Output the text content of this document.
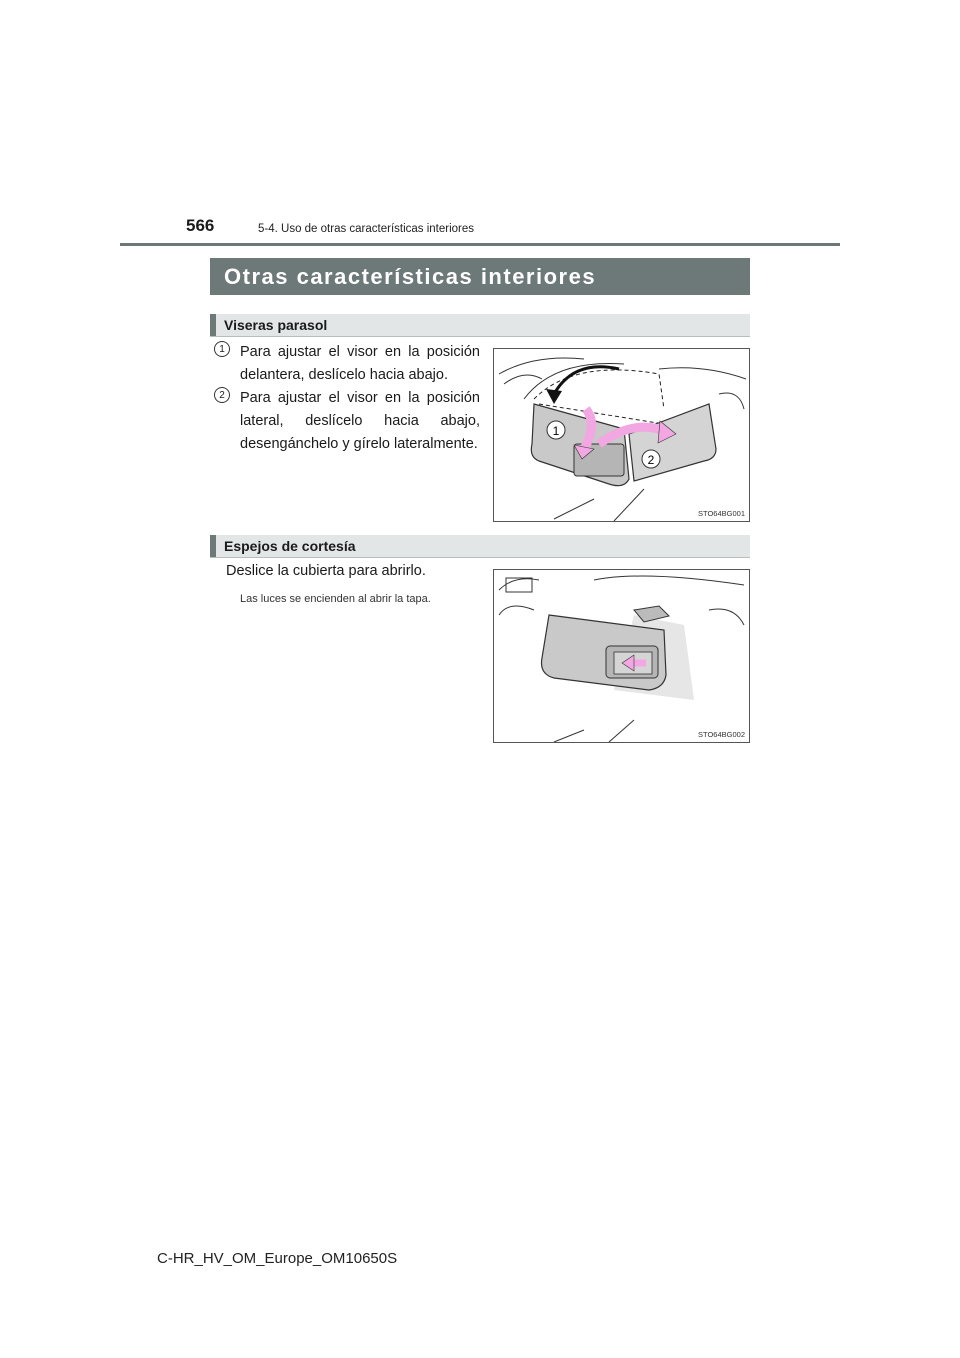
566	5-4. Uso de otras características interiores
Otras características interiores
Viseras parasol
1	Para ajustar el visor en la posición delantera, deslícelo hacia abajo.
2	Para ajustar el visor en la posición lateral, deslícelo hacia abajo, desengánchelo y gírelo lateralmente.
1
2
STO64BG001
Espejos de cortesía
Deslice la cubierta para abrirlo.
Las luces se encienden al abrir la tapa.
STO64BG002
C-HR_HV_OM_Europe_OM10650S
